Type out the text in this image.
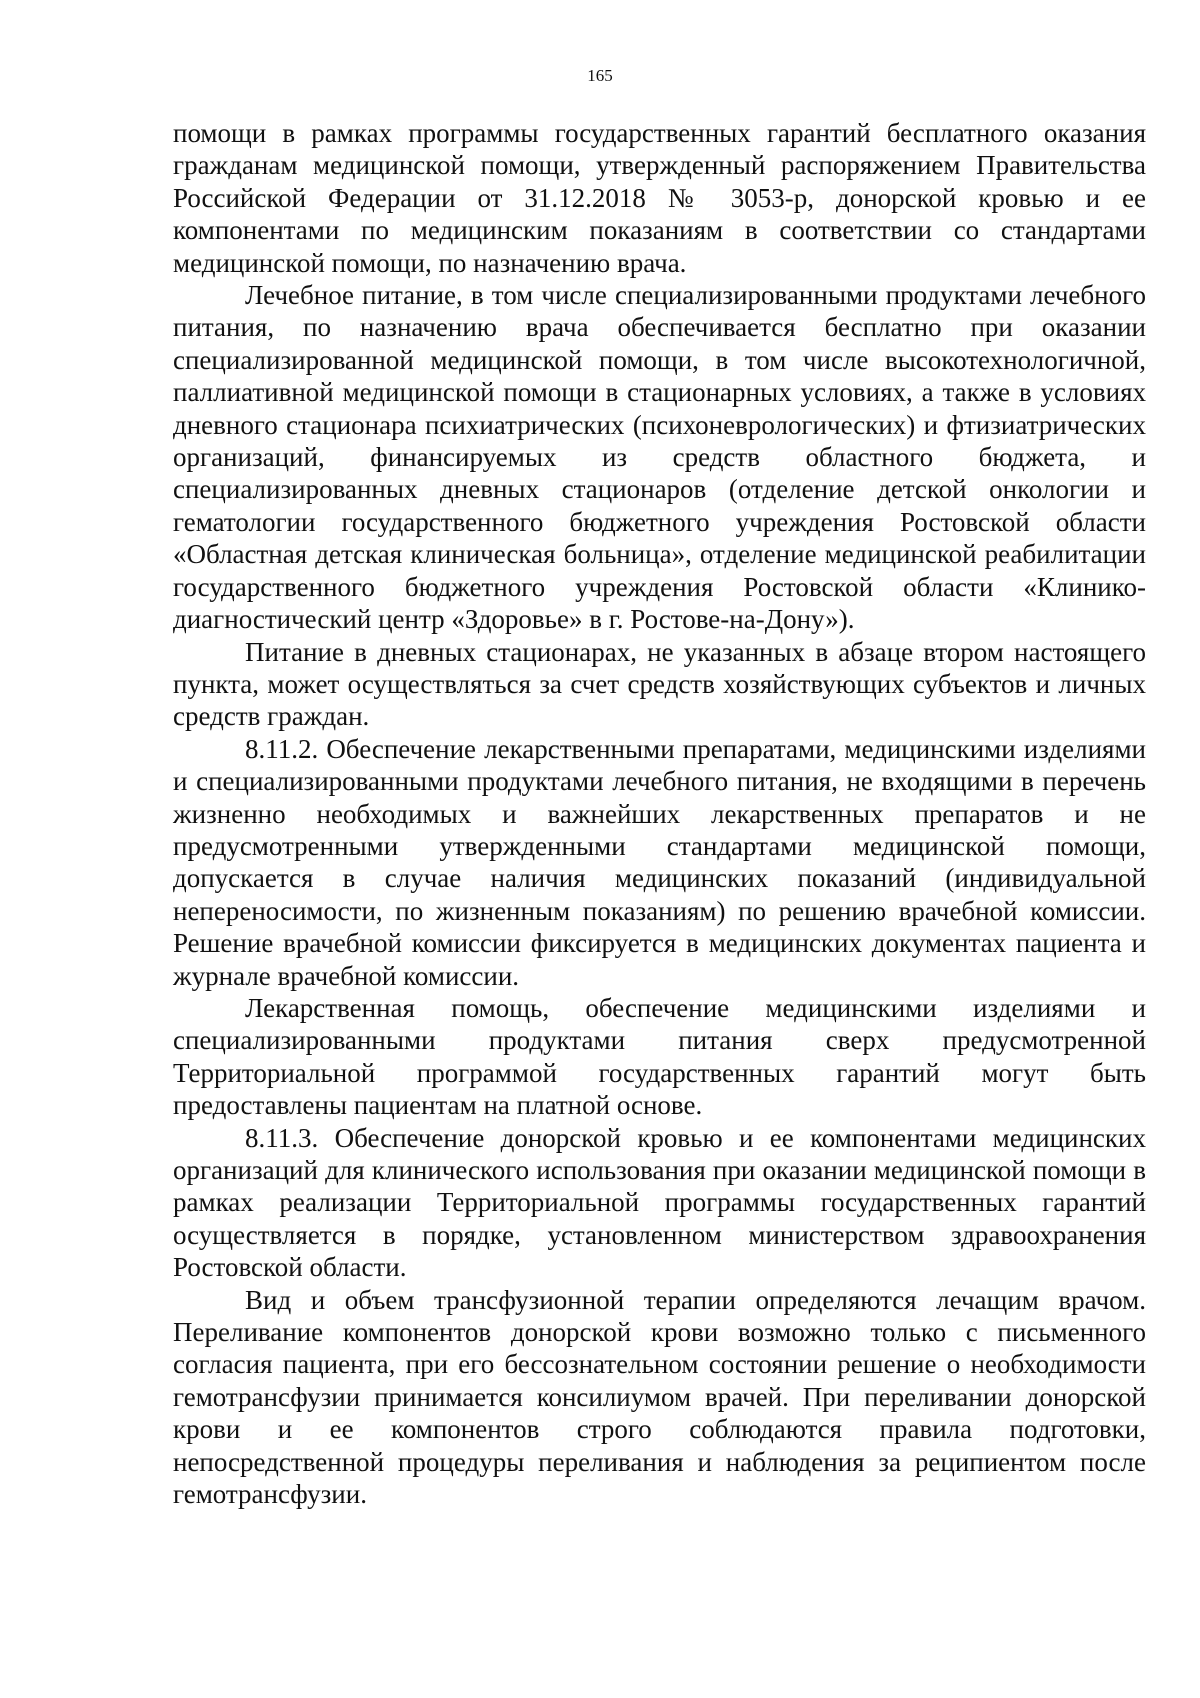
165

помощи в рамках программы государственных гарантий бесплатного оказания гражданам медицинской помощи, утвержденный распоряжением Правительства Российской Федерации от 31.12.2018 № 3053-р, донорской кровью и ее компонентами по медицинским показаниям в соответствии со стандартами медицинской помощи, по назначению врача.

Лечебное питание, в том числе специализированными продуктами лечебного питания, по назначению врача обеспечивается бесплатно при оказании специализированной медицинской помощи, в том числе высокотехнологичной, паллиативной медицинской помощи в стационарных условиях, а также в условиях дневного стационара психиатрических (психоневрологических) и фтизиатрических организаций, финансируемых из средств областного бюджета, и специализированных дневных стационаров (отделение детской онкологии и гематологии государственного бюджетного учреждения Ростовской области «Областная детская клиническая больница», отделение медицинской реабилитации государственного бюджетного учреждения Ростовской области «Клинико-диагностический центр «Здоровье» в г. Ростове-на-Дону»).

Питание в дневных стационарах, не указанных в абзаце втором настоящего пункта, может осуществляться за счет средств хозяйствующих субъектов и личных средств граждан.

8.11.2. Обеспечение лекарственными препаратами, медицинскими изделиями и специализированными продуктами лечебного питания, не входящими в перечень жизненно необходимых и важнейших лекарственных препаратов и не предусмотренными утвержденными стандартами медицинской помощи, допускается в случае наличия медицинских показаний (индивидуальной непереносимости, по жизненным показаниям) по решению врачебной комиссии. Решение врачебной комиссии фиксируется в медицинских документах пациента и журнале врачебной комиссии.

Лекарственная помощь, обеспечение медицинскими изделиями и специализированными продуктами питания сверх предусмотренной Территориальной программой государственных гарантий могут быть предоставлены пациентам на платной основе.

8.11.3. Обеспечение донорской кровью и ее компонентами медицинских организаций для клинического использования при оказании медицинской помощи в рамках реализации Территориальной программы государственных гарантий осуществляется в порядке, установленном министерством здравоохранения Ростовской области.

Вид и объем трансфузионной терапии определяются лечащим врачом. Переливание компонентов донорской крови возможно только с письменного согласия пациента, при его бессознательном состоянии решение о необходимости гемотрансфузии принимается консилиумом врачей. При переливании донорской крови и ее компонентов строго соблюдаются правила подготовки, непосредственной процедуры переливания и наблюдения за реципиентом после гемотрансфузии.
